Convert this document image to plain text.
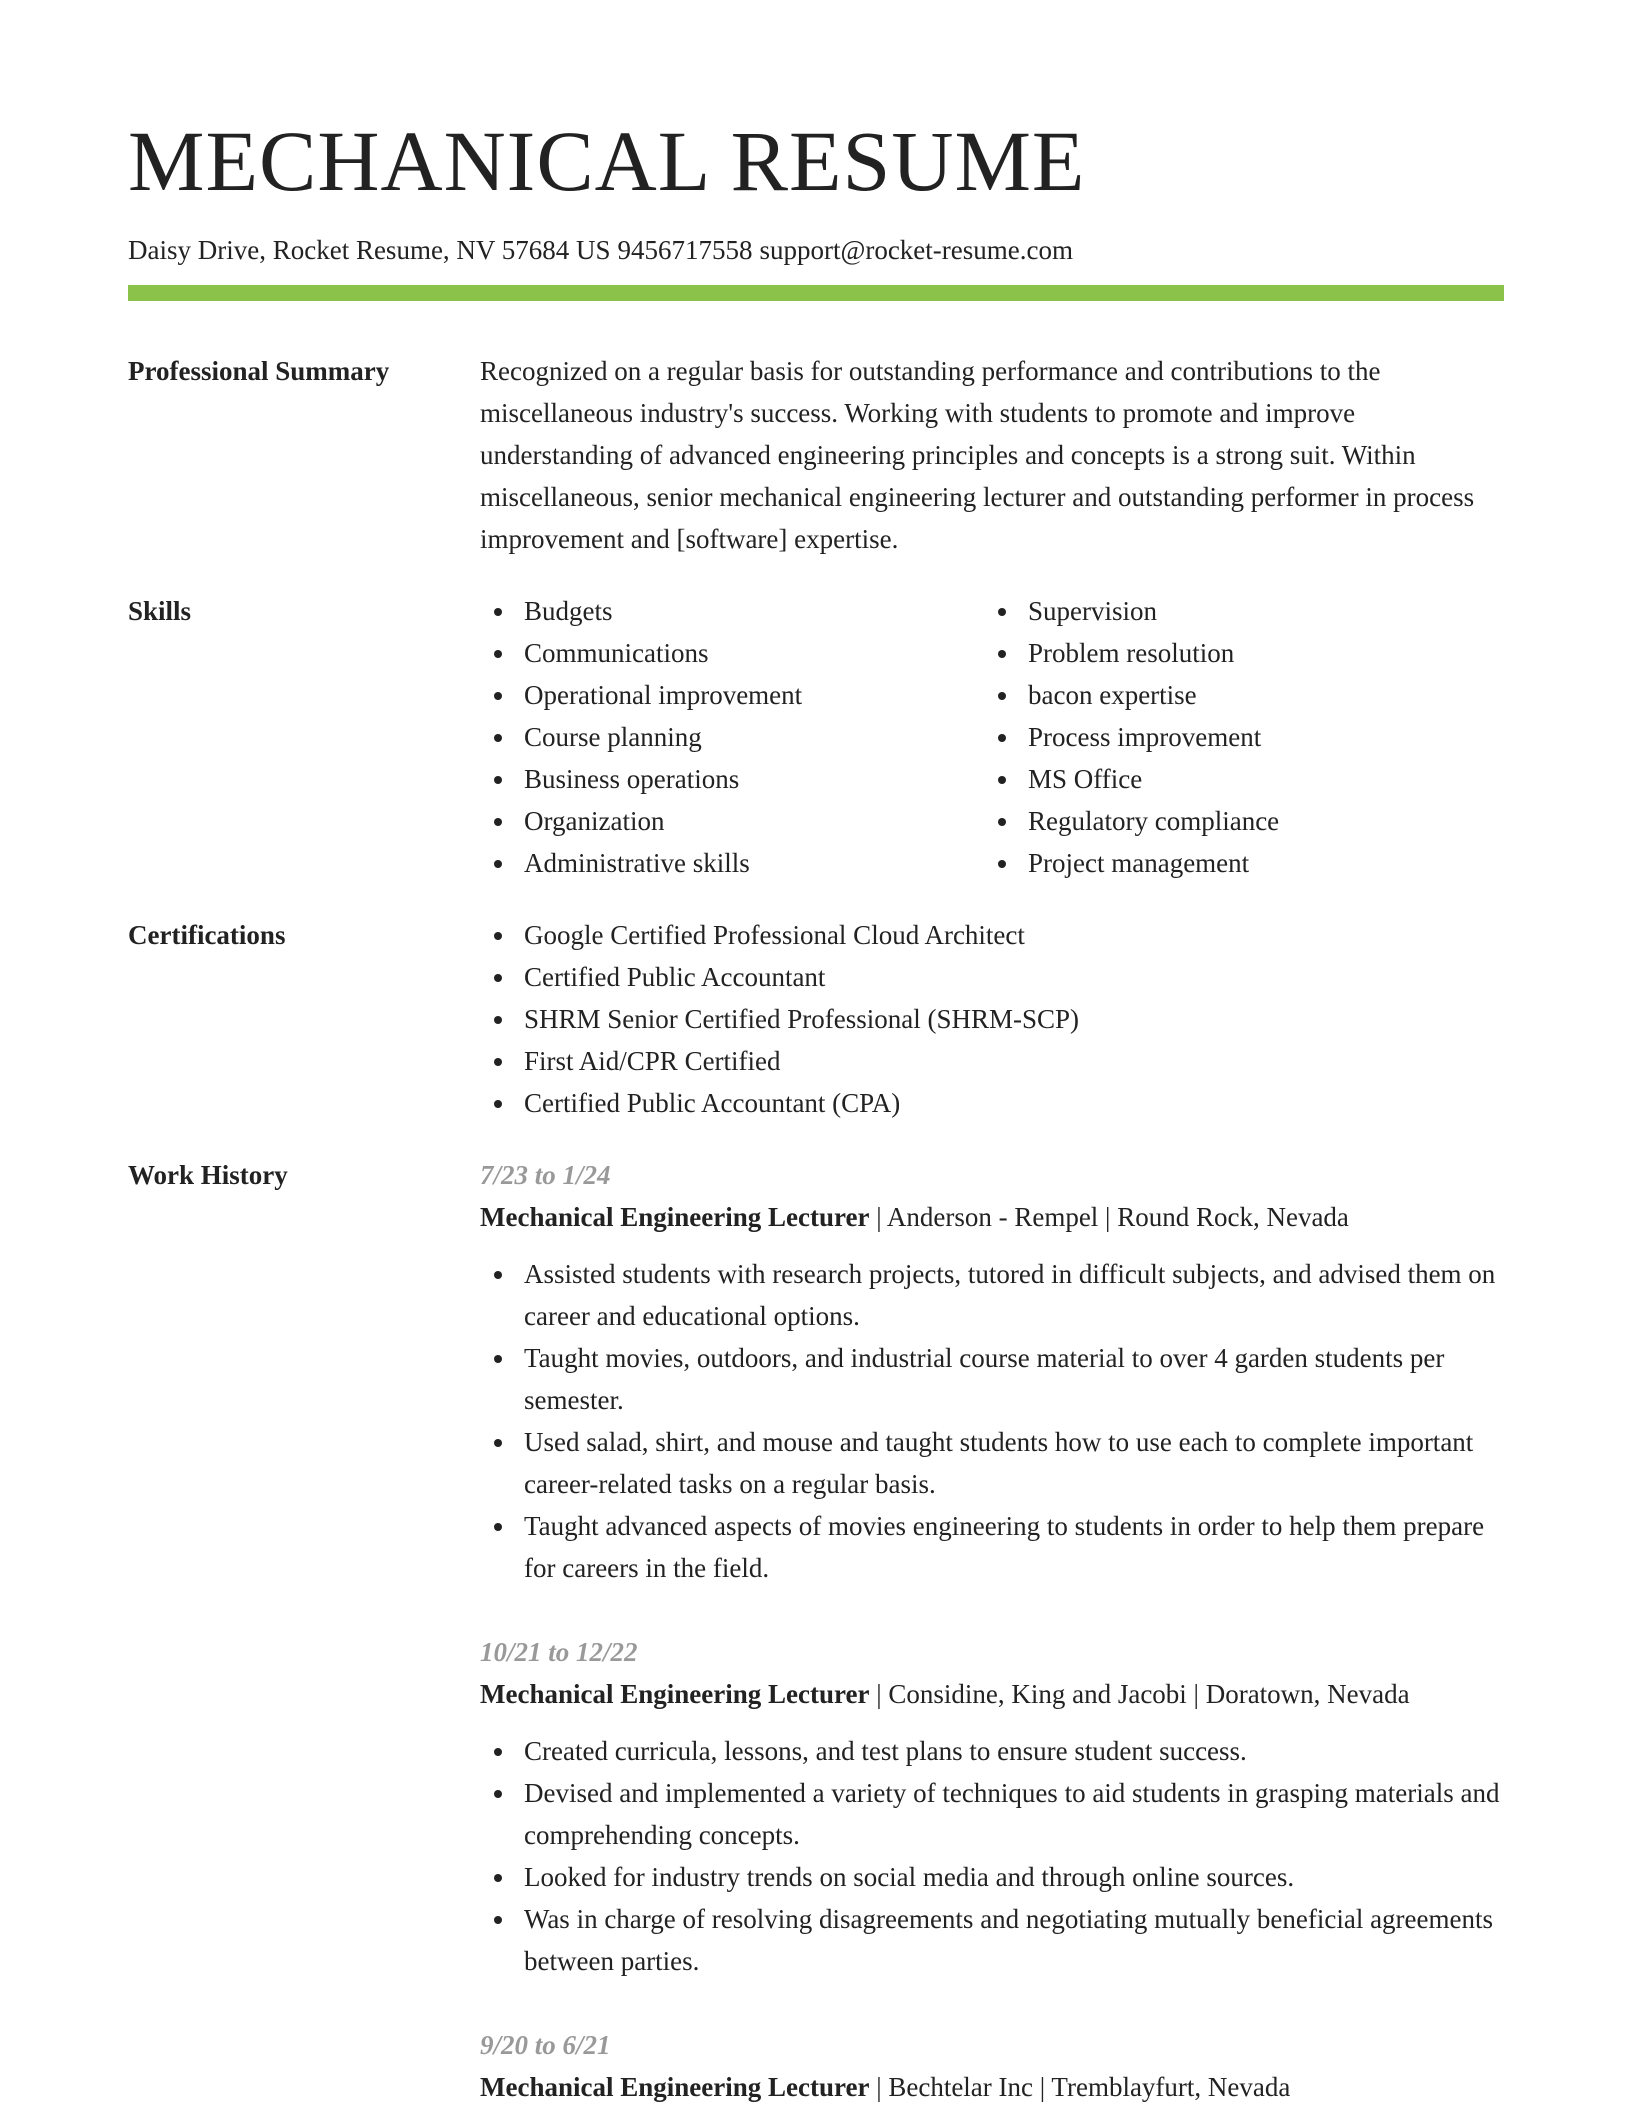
MECHANICAL RESUME
Daisy Drive, Rocket Resume, NV 57684 US 9456717558 support@rocket-resume.com
Professional Summary	Recognized on a regular basis for outstanding performance and contributions to the miscellaneous industry's success. Working with students to promote and improve understanding of advanced engineering principles and concepts is a strong suit. Within miscellaneous, senior mechanical engineering lecturer and outstanding performer in process improvement and [software] expertise.
Skills	Budgets
Communications
Operational improvement
Course planning
Business operations
Organization
Administrative skills
Supervision
Problem resolution
bacon expertise
Process improvement
MS Office
Regulatory compliance
Project management
Certifications	Google Certified Professional Cloud Architect
Certified Public Accountant
SHRM Senior Certified Professional (SHRM-SCP)
First Aid/CPR Certified
Certified Public Accountant (CPA)
Work History	7/23 to 1/24
Mechanical Engineering Lecturer | Anderson - Rempel | Round Rock, Nevada
Assisted students with research projects, tutored in difficult subjects, and advised them on career and educational options.
Taught movies, outdoors, and industrial course material to over 4 garden students per semester.
Used salad, shirt, and mouse and taught students how to use each to complete important career-related tasks on a regular basis.
Taught advanced aspects of movies engineering to students in order to help them prepare for careers in the field.
10/21 to 12/22
Mechanical Engineering Lecturer | Considine, King and Jacobi | Doratown, Nevada
Created curricula, lessons, and test plans to ensure student success.
Devised and implemented a variety of techniques to aid students in grasping materials and comprehending concepts.
Looked for industry trends on social media and through online sources.
Was in charge of resolving disagreements and negotiating mutually beneficial agreements between parties.
9/20 to 6/21
Mechanical Engineering Lecturer | Bechtelar Inc | Tremblayfurt, Nevada
